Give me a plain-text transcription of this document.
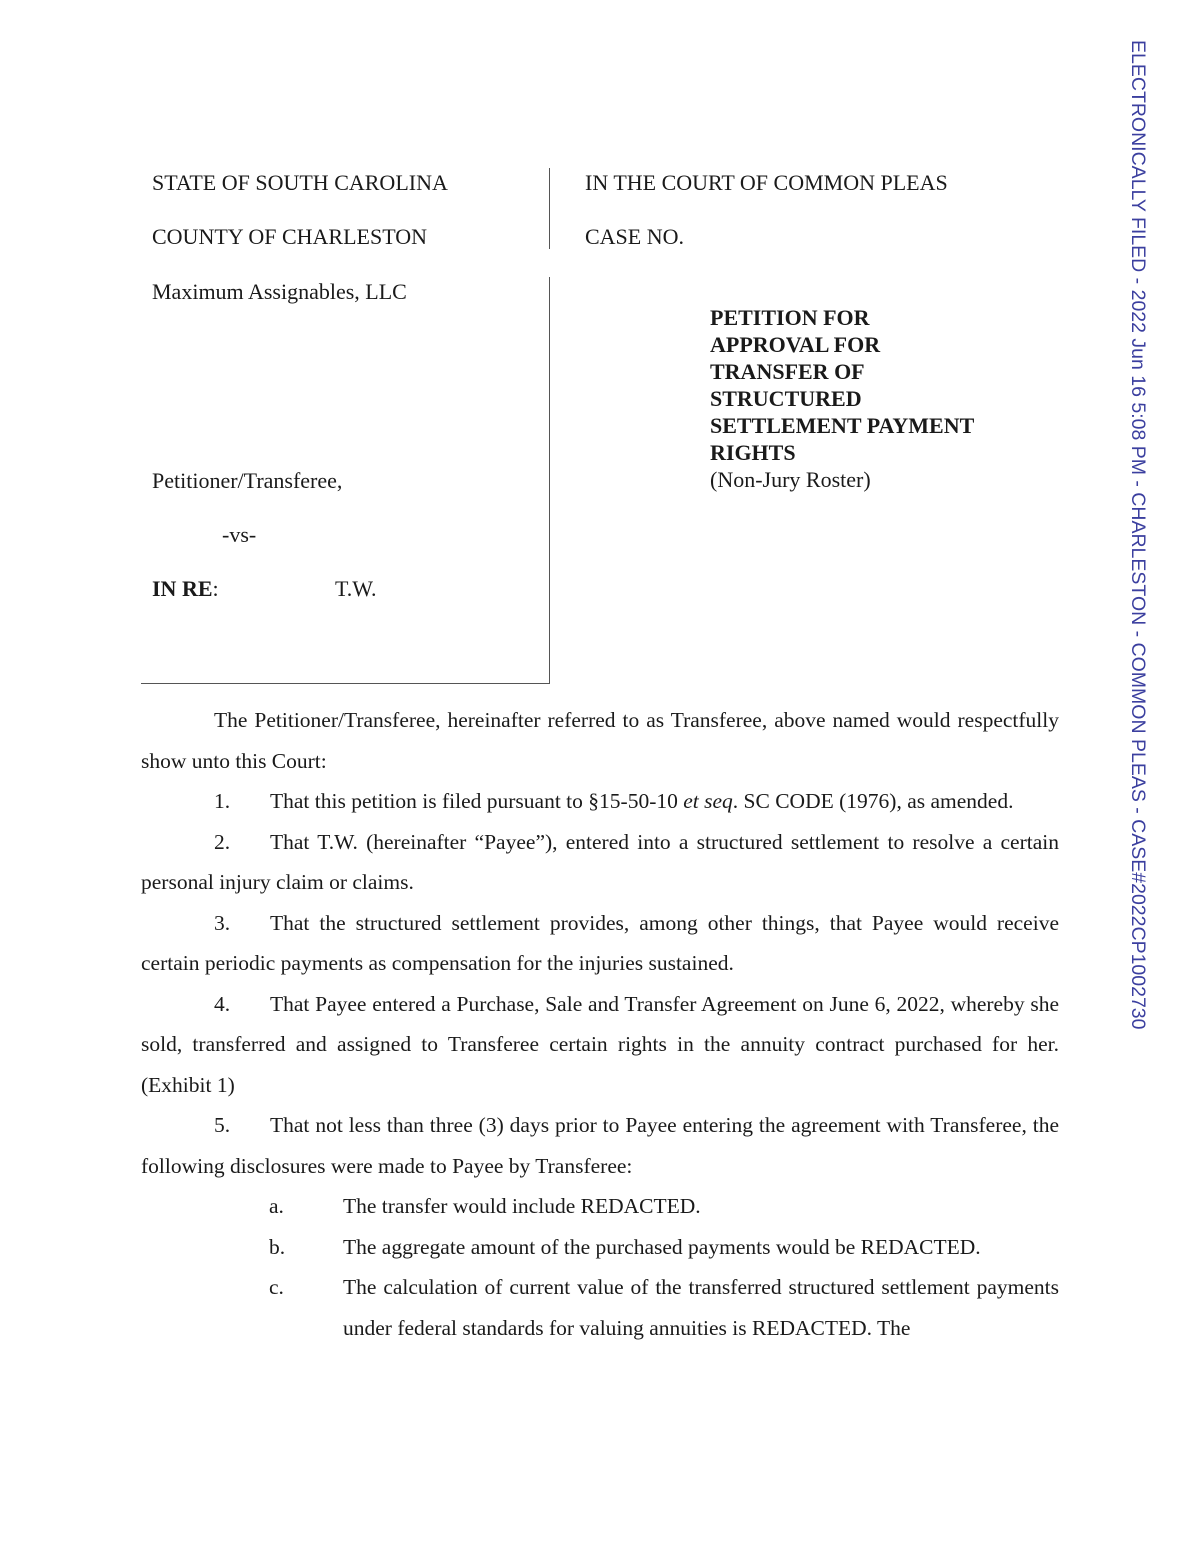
STATE OF SOUTH CAROLINA
COUNTY OF CHARLESTON
IN THE COURT OF COMMON PLEAS
CASE NO.
Maximum Assignables, LLC
Petitioner/Transferee,
-vs-
IN RE:	T.W.
PETITION FOR
APPROVAL FOR
TRANSFER OF
STRUCTURED
SETTLEMENT PAYMENT
RIGHTS
(Non-Jury Roster)

The Petitioner/Transferee, hereinafter referred to as Transferee, above named would respectfully show unto this Court:

1. That this petition is filed pursuant to §15-50-10 et seq. SC CODE (1976), as amended.

2. That T.W. (hereinafter “Payee”), entered into a structured settlement to resolve a certain personal injury claim or claims.

3. That the structured settlement provides, among other things, that Payee would receive certain periodic payments as compensation for the injuries sustained.

4. That Payee entered a Purchase, Sale and Transfer Agreement on June 6, 2022, whereby she sold, transferred and assigned to Transferee certain rights in the annuity contract purchased for her. (Exhibit 1)

5. That not less than three (3) days prior to Payee entering the agreement with Transferee, the following disclosures were made to Payee by Transferee:

a.	The transfer would include REDACTED.
b.	The aggregate amount of the purchased payments would be REDACTED.
c.	The calculation of current value of the transferred structured settlement payments under federal standards for valuing annuities is REDACTED. The
ELECTRONICALLY FILED - 2022 Jun 16 5:08 PM - CHARLESTON - COMMON PLEAS - CASE#2022CP1002730
